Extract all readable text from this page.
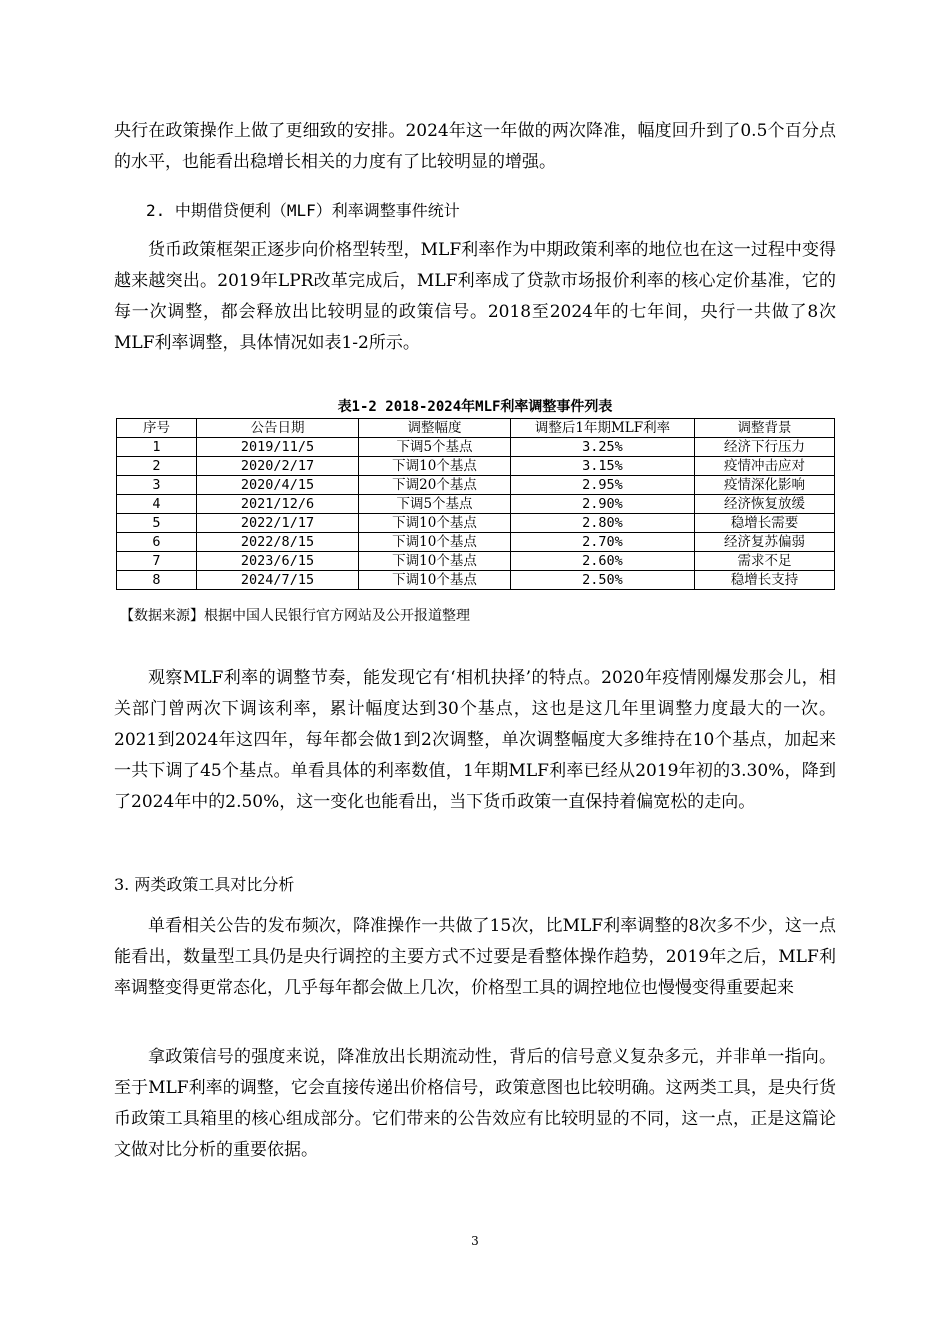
央行在政策操作上做了更细致的安排。2024年这一年做的两次降准，幅度回升到了0.5个百分点的水平，也能看出稳增长相关的力度有了比较明显的增强。

2. 中期借贷便利（MLF）利率调整事件统计

货币政策框架正逐步向价格型转型，MLF利率作为中期政策利率的地位也在这一过程中变得越来越突出。2019年LPR改革完成后，MLF利率成了贷款市场报价利率的核心定价基准，它的每一次调整，都会释放出比较明显的政策信号。2018至2024年的七年间，央行一共做了8次MLF利率调整，具体情况如表1-2所示。

表1-2 2018-2024年MLF利率调整事件列表
序号	公告日期	调整幅度	调整后1年期MLF利率	调整背景
1	2019/11/5	下调5个基点	3.25%	经济下行压力
2	2020/2/17	下调10个基点	3.15%	疫情冲击应对
3	2020/4/15	下调20个基点	2.95%	疫情深化影响
4	2021/12/6	下调5个基点	2.90%	经济恢复放缓
5	2022/1/17	下调10个基点	2.80%	稳增长需要
6	2022/8/15	下调10个基点	2.70%	经济复苏偏弱
7	2023/6/15	下调10个基点	2.60%	需求不足
8	2024/7/15	下调10个基点	2.50%	稳增长支持
【数据来源】根据中国人民银行官方网站及公开报道整理

观察MLF利率的调整节奏，能发现它有‘相机抉择’的特点。2020年疫情刚爆发那会儿，相关部门曾两次下调该利率，累计幅度达到30个基点，这也是这几年里调整力度最大的一次。2021到2024年这四年，每年都会做1到2次调整，单次调整幅度大多维持在10个基点，加起来一共下调了45个基点。单看具体的利率数值，1年期MLF利率已经从2019年初的3.30%，降到了2024年中的2.50%，这一变化也能看出，当下货币政策一直保持着偏宽松的走向。

3. 两类政策工具对比分析

单看相关公告的发布频次，降准操作一共做了15次，比MLF利率调整的8次多不少，这一点能看出，数量型工具仍是央行调控的主要方式不过要是看整体操作趋势，2019年之后，MLF利率调整变得更常态化，几乎每年都会做上几次，价格型工具的调控地位也慢慢变得重要起来

拿政策信号的强度来说，降准放出长期流动性，背后的信号意义复杂多元，并非单一指向。至于MLF利率的调整，它会直接传递出价格信号，政策意图也比较明确。这两类工具，是央行货币政策工具箱里的核心组成部分。它们带来的公告效应有比较明显的不同，这一点，正是这篇论文做对比分析的重要依据。

3
